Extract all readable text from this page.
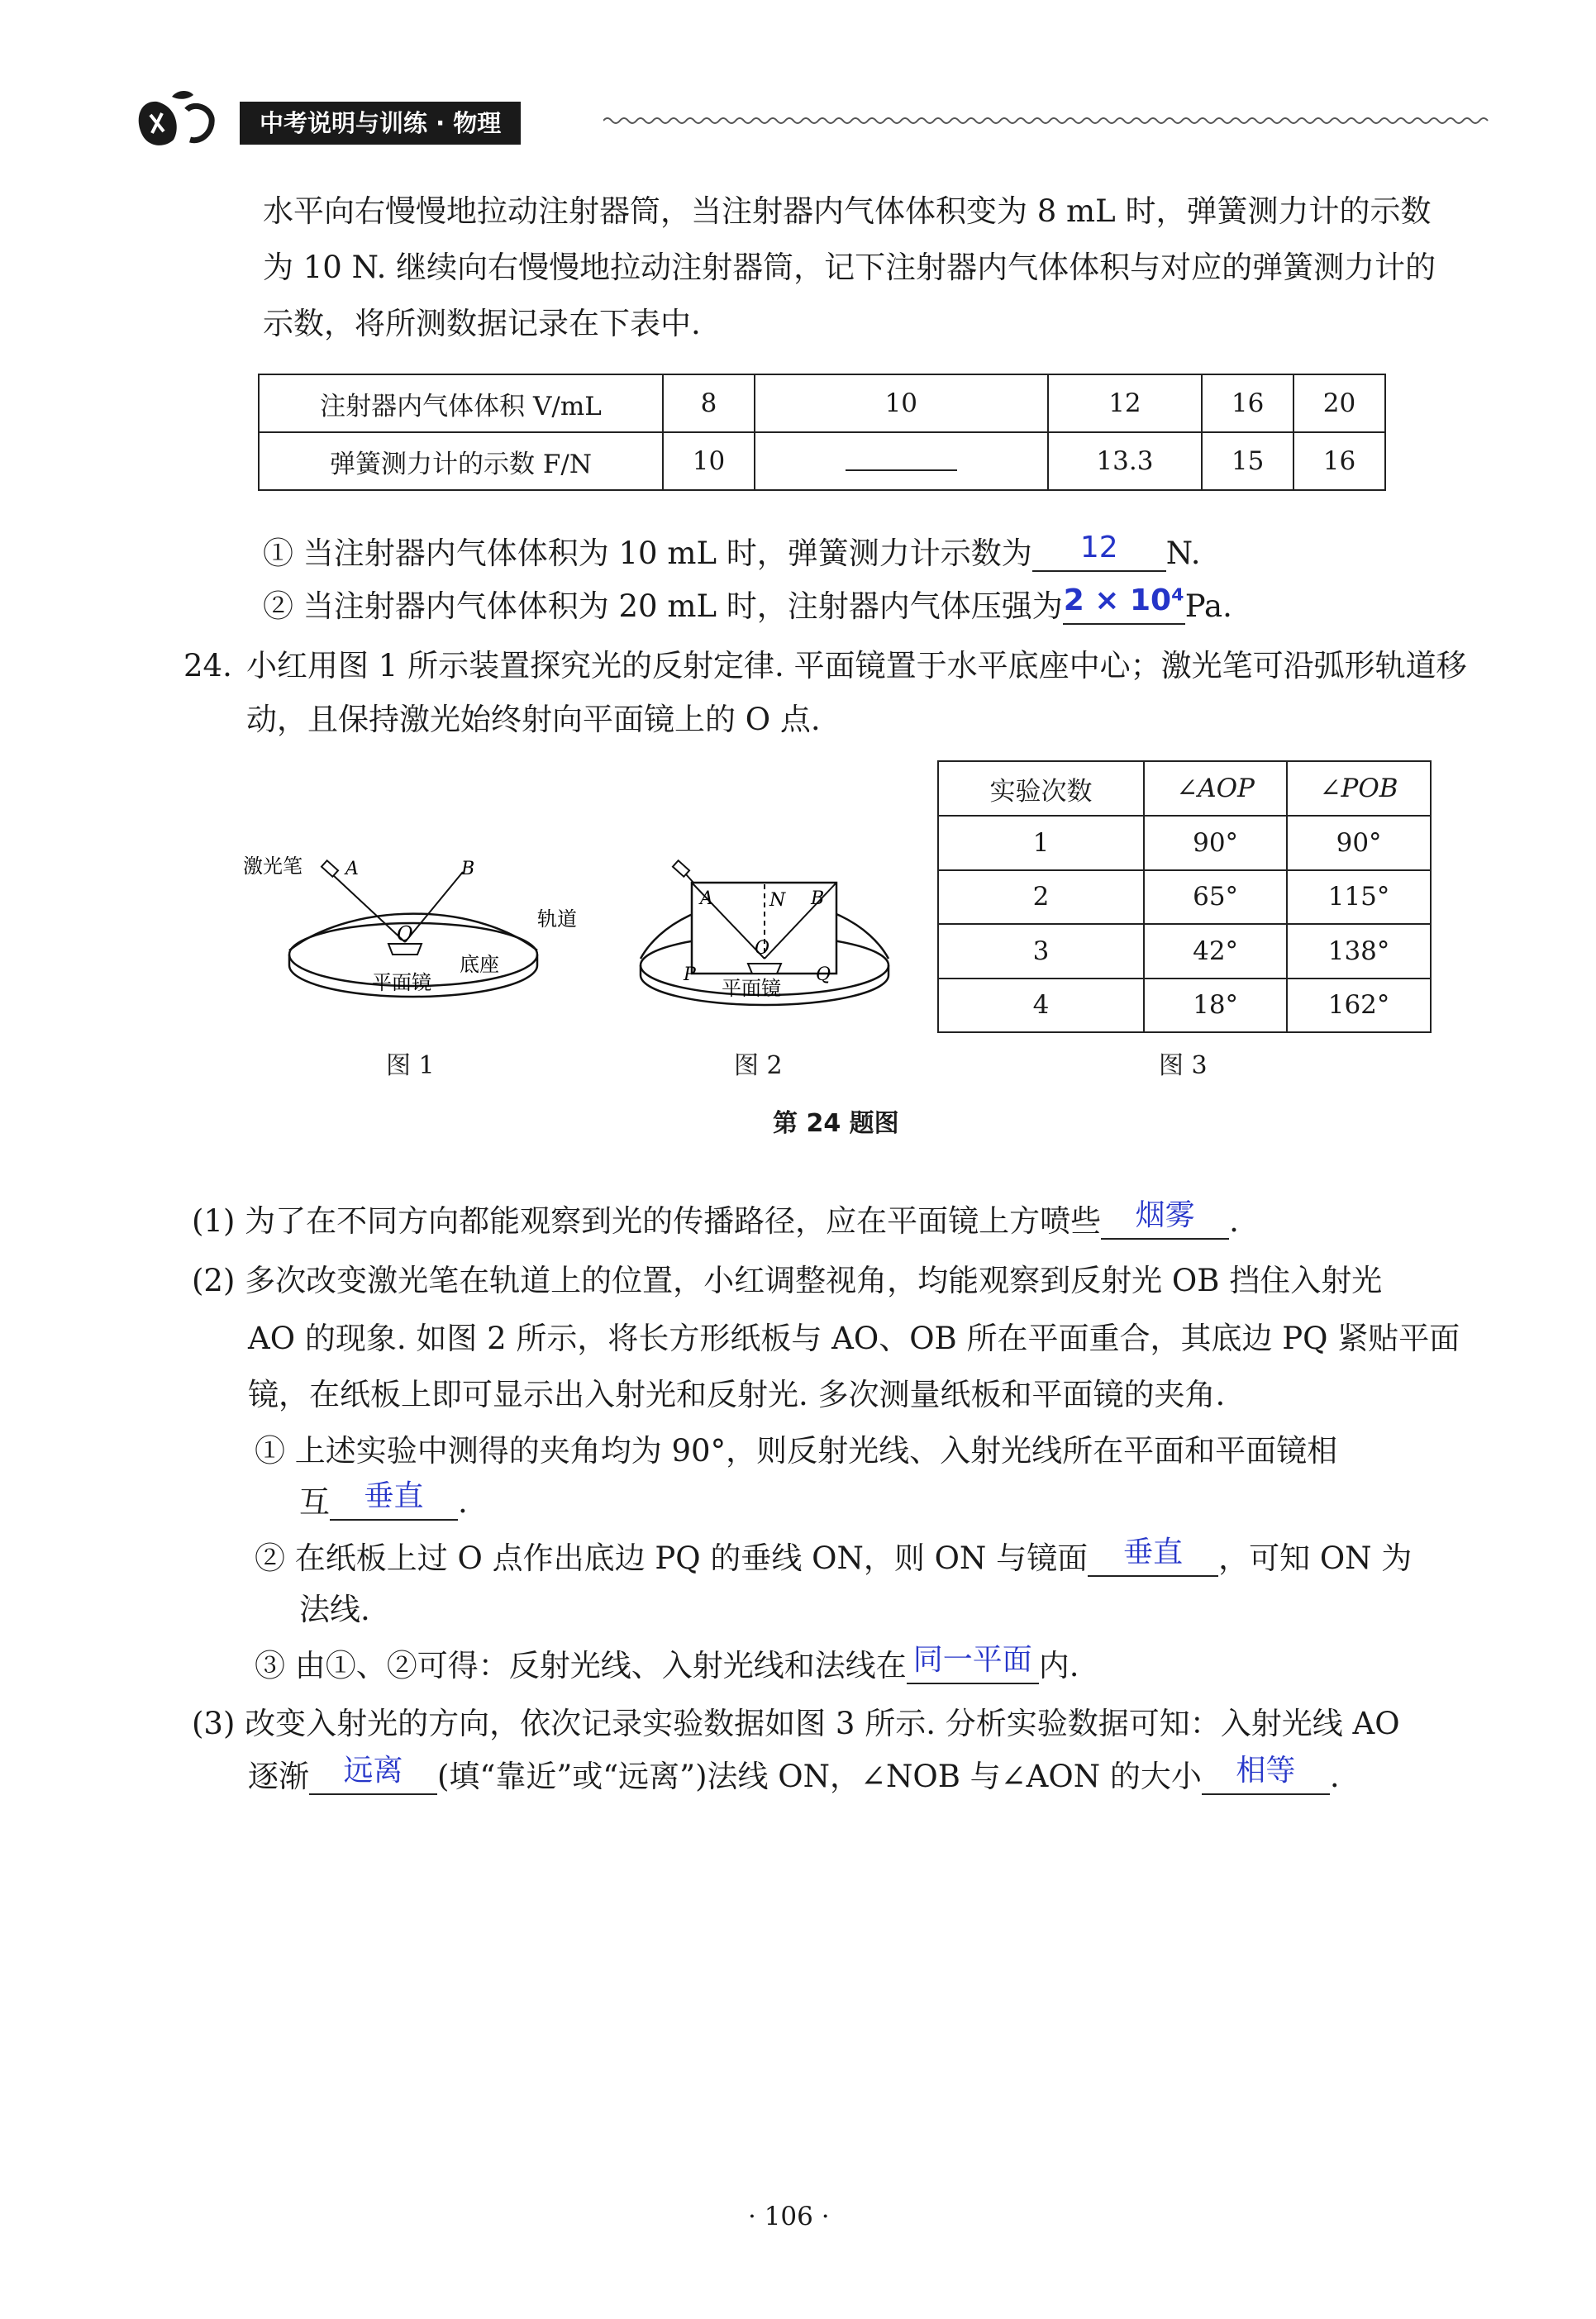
中考说明与训练 · 物理
水平向右慢慢地拉动注射器筒，当注射器内气体体积变为 8 mL 时，弹簧测力计的示数
为 10 N. 继续向右慢慢地拉动注射器筒，记下注射器内气体体积与对应的弹簧测力计的
示数，将所测数据记录在下表中.
注射器内气体体积 V/mL	8	10	12	16	20
弹簧测力计的示数 F/N	10		13.3	15	16
① 当注射器内气体体积为 10 mL 时，弹簧测力计示数为 12 N.
② 当注射器内气体体积为 20 mL 时，注射器内气体压强为2 × 10⁴Pa.
24. 小红用图 1 所示装置探究光的反射定律. 平面镜置于水平底座中心；激光笔可沿弧形轨道移
动，且保持激光始终射向平面镜上的 O 点.
激光笔 A	B
O
轨道
底座
平面镜
图 1
A	N B
O
P	Q
平面镜
图 2
实验次数	∠AOP	∠POB
1	90°	90°
2	65°	115°
3	42°	138°
4	18°	162°
图 3
第 24 题图
(1) 为了在不同方向都能观察到光的传播路径，应在平面镜上方喷些 烟雾 .
(2) 多次改变激光笔在轨道上的位置，小红调整视角，均能观察到反射光 OB 挡住入射光
AO 的现象. 如图 2 所示，将长方形纸板与 AO、OB 所在平面重合，其底边 PQ 紧贴平面
镜，在纸板上即可显示出入射光和反射光. 多次测量纸板和平面镜的夹角.
① 上述实验中测得的夹角均为 90°，则反射光线、入射光线所在平面和平面镜相
互 垂直 .
② 在纸板上过 O 点作出底边 PQ 的垂线 ON，则 ON 与镜面 垂直 ，可知 ON 为
法线.
③ 由①、②可得：反射光线、入射光线和法线在 同一平面 内.
(3) 改变入射光的方向，依次记录实验数据如图 3 所示. 分析实验数据可知：入射光线 AO
逐渐 远离 (填“靠近”或“远离”)法线 ON，∠NOB 与∠AON 的大小 相等 .
· 106 ·
